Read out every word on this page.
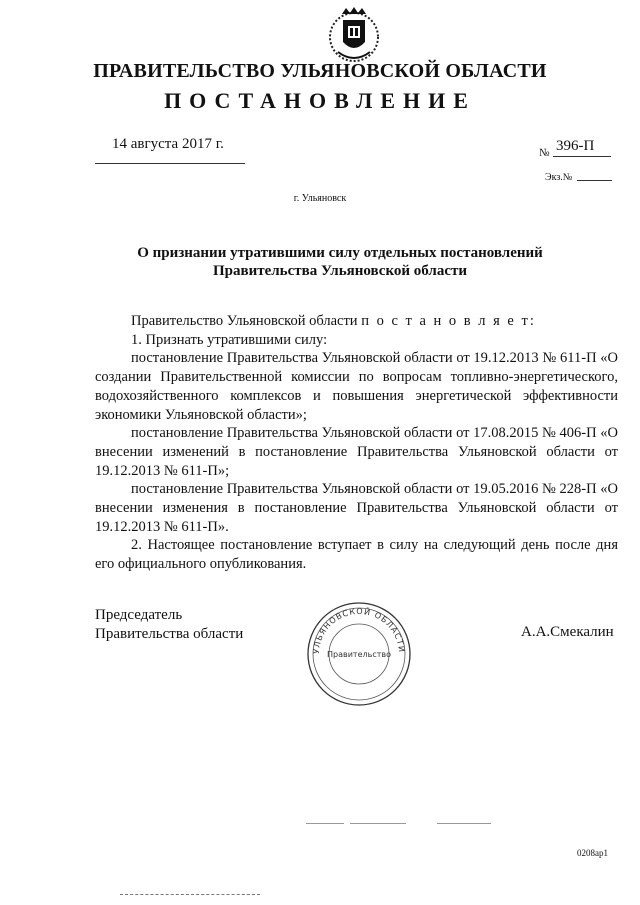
ПРАВИТЕЛЬСТВО УЛЬЯНОВСКОЙ ОБЛАСТИ
ПОСТАНОВЛЕНИЕ
14 августа 2017 г.
№ 396-П
Экз.№
г. Ульяновск
О признании утратившими силу отдельных постановлений
Правительства Ульяновской области

Правительство Ульяновской области п о с т а н о в л я е т:

1. Признать утратившими силу:

постановление Правительства Ульяновской области от 19.12.2013 № 611-П «О создании Правительственной комиссии по вопросам топливно-энергетического, водохозяйственного комплексов и повышения энергетической эффективности экономики Ульяновской области»;

постановление Правительства Ульяновской области от 17.08.2015 № 406-П «О внесении изменений в постановление Правительства Ульяновской области от 19.12.2013 № 611-П»;

постановление Правительства Ульяновской области от 19.05.2016 № 228-П «О внесении изменения в постановление Правительства Ульяновской области от 19.12.2013 № 611-П».

2. Настоящее постановление вступает в силу на следующий день после дня его официального опубликования.

Председатель
Правительства области
УЛЬЯНОВСКОЙ ОБЛАСТИ
Правительство
А.А.Смекалин
0208ap1
